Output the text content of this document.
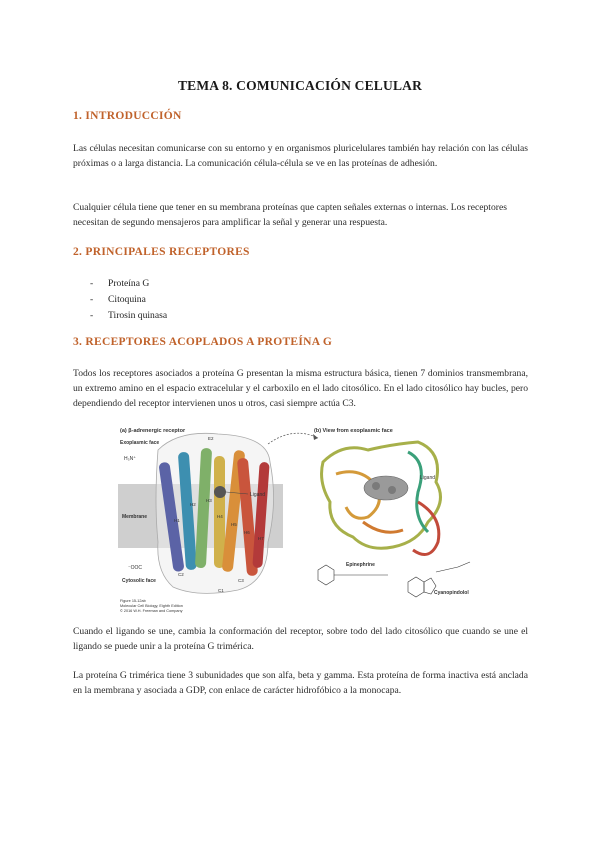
TEMA 8. COMUNICACIÓN CELULAR
1. INTRODUCCIÓN

Las células necesitan comunicarse con su entorno y en organismos pluricelulares también hay relación con las células próximas o a larga distancia. La comunicación célula-célula se ve en las proteínas de adhesión.

Cualquier célula tiene que tener en su membrana proteínas que capten señales externas o internas. Los receptores necesitan de segundo mensajeros para amplificar la señal y generar una respuesta.

2. PRINCIPALES RECEPTORES
- Proteína G
- Citoquina
- Tirosin quinasa
3. RECEPTORES ACOPLADOS A PROTEÍNA G

Todos los receptores asociados a proteína G presentan la misma estructura básica, tienen 7 dominios transmembrana, un extremo amino en el espacio extracelular y el carboxilo en el lado citosólico. En el lado citosólico hay bucles, pero dependiendo del receptor intervienen unos u otros, casi siempre actúa C3.

(a) β-adrenergic receptor
Exoplasmic face
H₃N⁺
Membrane
Cytosolic face
⁻OOC
Ligand
H1
H2
H3
H4
H5
H6
H7
E2
C2
C3
C1
(b) View from exoplasmic face
Ligand
Epinephrine
Cyanopindolol
Figure 15-12ab
Molecular Cell Biology, Eighth Edition
© 2016 W.H. Freeman and Company

Cuando el ligando se une, cambia la conformación del receptor, sobre todo del lado citosólico que cuando se une el ligando se puede unir a la proteína G trimérica.

La proteína G trimérica tiene 3 subunidades que son alfa, beta y gamma. Esta proteína de forma inactiva está anclada en la membrana y asociada a GDP, con enlace de carácter hidrofóbico a la monocapa.
